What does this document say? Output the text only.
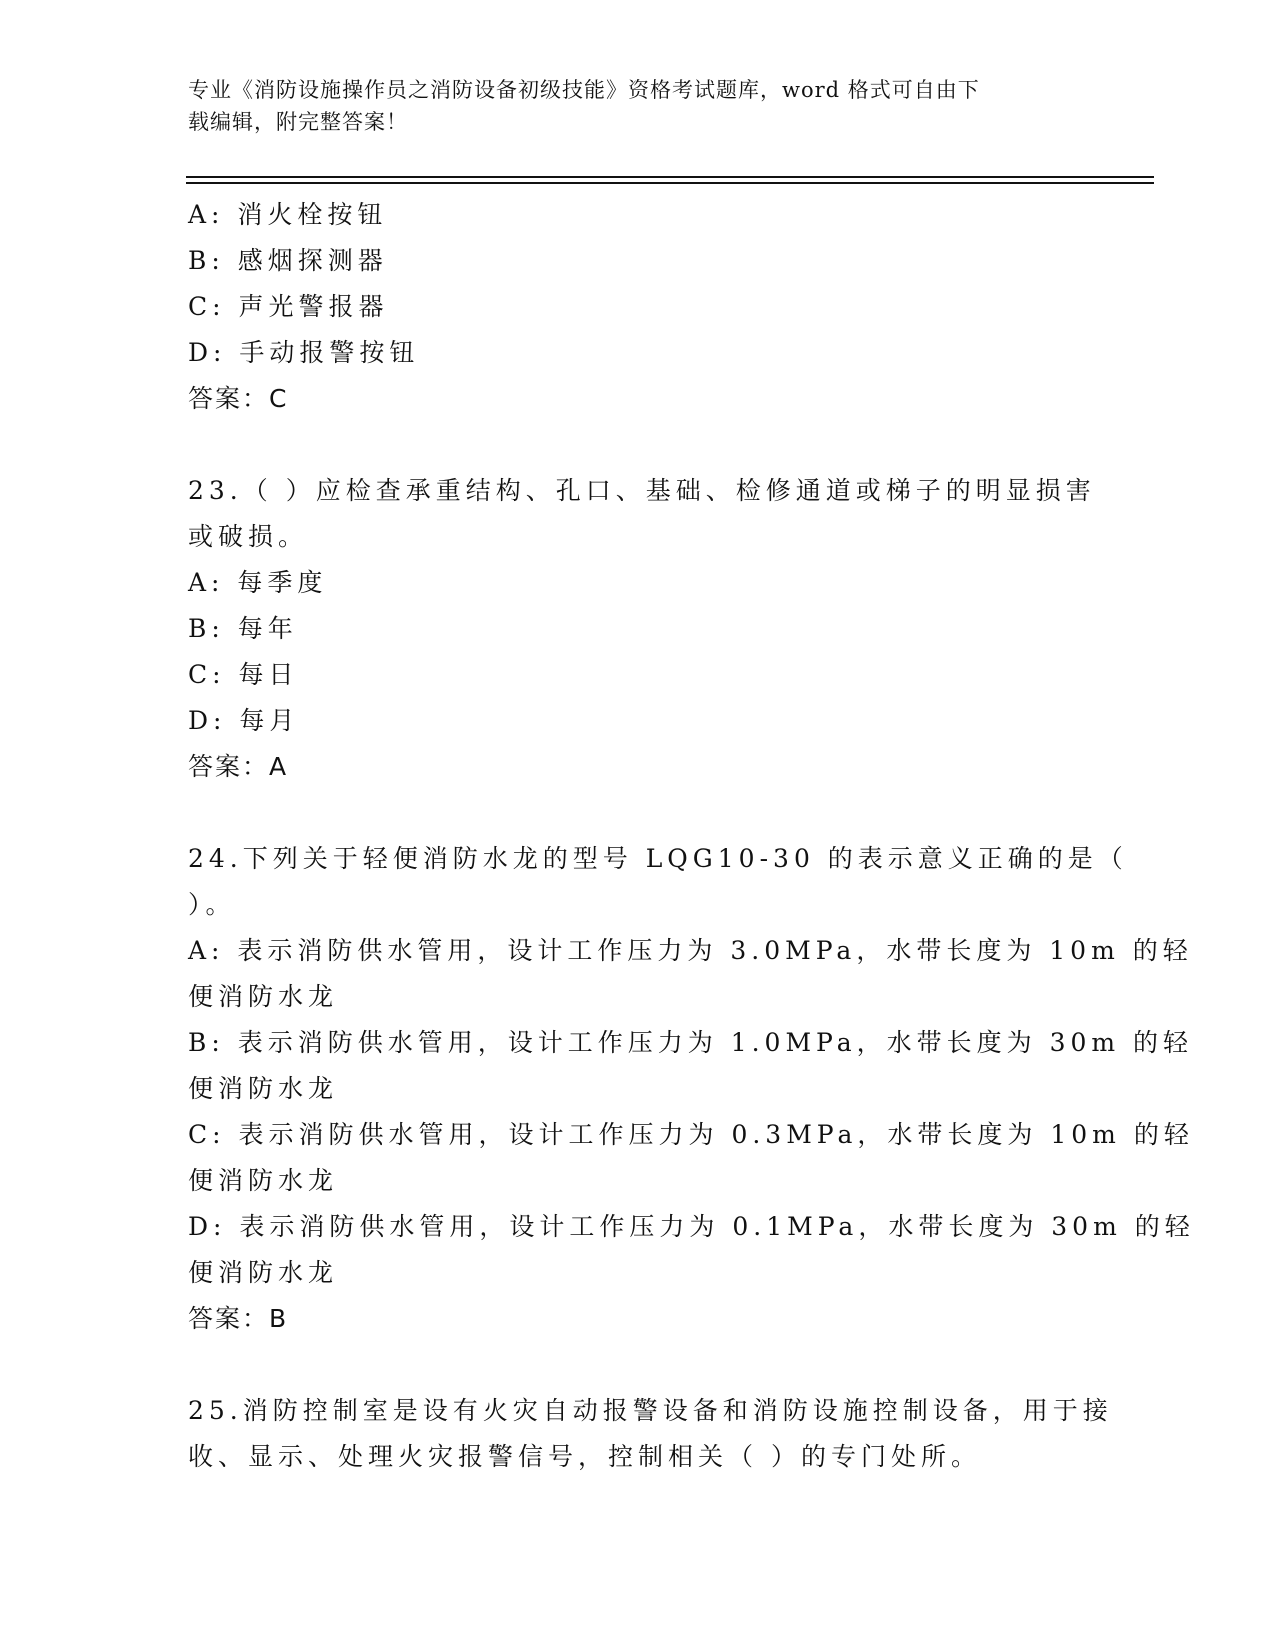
专业《消防设施操作员之消防设备初级技能》资格考试题库，word 格式可自由下
载编辑，附完整答案！
A: 消火栓按钮
B: 感烟探测器
C: 声光警报器
D: 手动报警按钮
答案：C
23.（ ）应检查承重结构、孔口、基础、检修通道或梯子的明显损害
或破损。
A: 每季度
B: 每年
C: 每日
D: 每月
答案：A
24.下列关于轻便消防水龙的型号 LQG10-30 的表示意义正确的是（
）。
A: 表示消防供水管用，设计工作压力为 3.0MPa，水带长度为 10m 的轻
便消防水龙
B: 表示消防供水管用，设计工作压力为 1.0MPa，水带长度为 30m 的轻
便消防水龙
C: 表示消防供水管用，设计工作压力为 0.3MPa，水带长度为 10m 的轻
便消防水龙
D: 表示消防供水管用，设计工作压力为 0.1MPa，水带长度为 30m 的轻
便消防水龙
答案：B
25.消防控制室是设有火灾自动报警设备和消防设施控制设备，用于接
收、显示、处理火灾报警信号，控制相关（ ）的专门处所。
